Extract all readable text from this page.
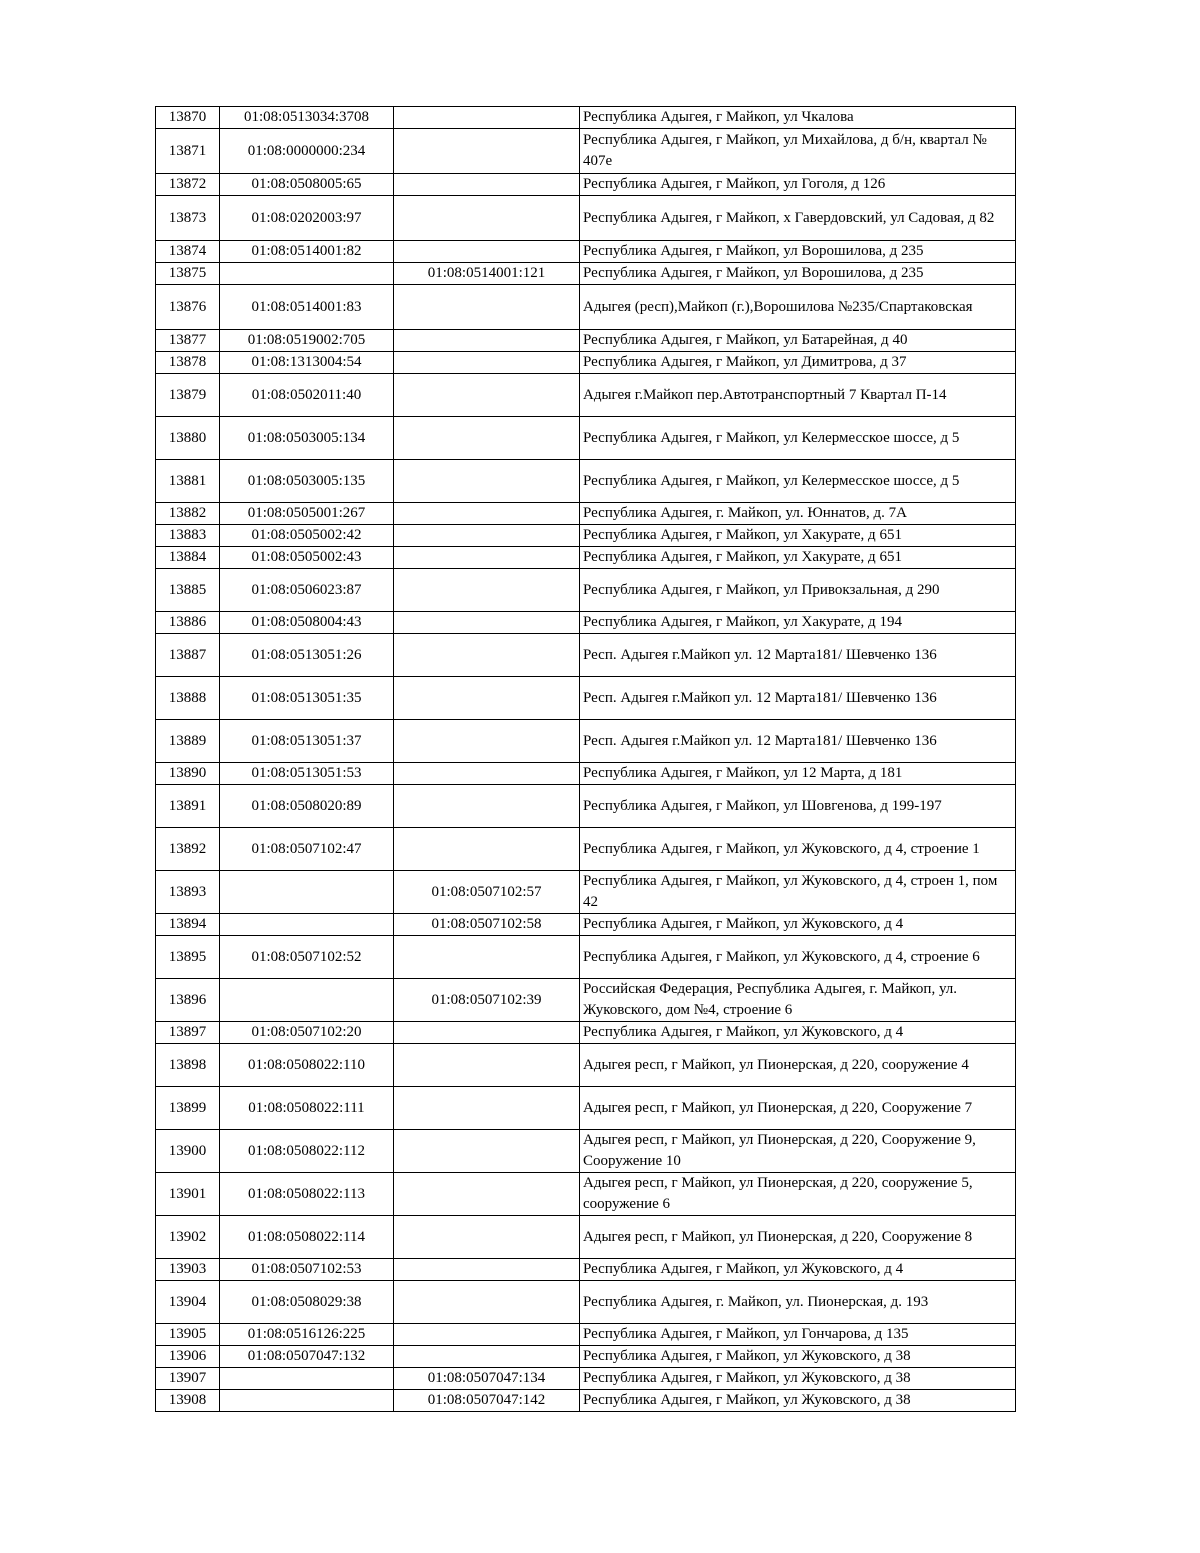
13870	01:08:0513034:3708		Республика Адыгея, г Майкоп, ул Чкалова
13871	01:08:0000000:234		Республика Адыгея, г Майкоп, ул Михайлова, д б/н, квартал № 407е
13872	01:08:0508005:65		Республика Адыгея, г Майкоп, ул Гоголя, д 126
13873	01:08:0202003:97		Республика Адыгея, г Майкоп, х Гавердовский, ул Садовая, д 82
13874	01:08:0514001:82		Республика Адыгея, г Майкоп, ул Ворошилова, д 235
13875		01:08:0514001:121	Республика Адыгея, г Майкоп, ул Ворошилова, д 235
13876	01:08:0514001:83		Адыгея (респ),Майкоп (г.),Ворошилова №235/Спартаковская
13877	01:08:0519002:705		Республика Адыгея, г Майкоп, ул Батарейная, д 40
13878	01:08:1313004:54		Республика Адыгея, г Майкоп, ул Димитрова, д 37
13879	01:08:0502011:40		Адыгея г.Майкоп пер.Автотранспортный 7 Квартал П-14
13880	01:08:0503005:134		Республика Адыгея, г Майкоп, ул Келермесское шоссе, д 5
13881	01:08:0503005:135		Республика Адыгея, г Майкоп, ул Келермесское шоссе, д 5
13882	01:08:0505001:267		Республика Адыгея, г. Майкоп, ул. Юннатов, д. 7А
13883	01:08:0505002:42		Республика Адыгея, г Майкоп, ул Хакурате, д 651
13884	01:08:0505002:43		Республика Адыгея, г Майкоп, ул Хакурате, д 651
13885	01:08:0506023:87		Республика Адыгея, г Майкоп, ул Привокзальная, д 290
13886	01:08:0508004:43		Республика Адыгея, г Майкоп, ул Хакурате, д 194
13887	01:08:0513051:26		Респ. Адыгея г.Майкоп ул. 12 Марта181/ Шевченко 136
13888	01:08:0513051:35		Респ. Адыгея г.Майкоп ул. 12 Марта181/ Шевченко 136
13889	01:08:0513051:37		Респ. Адыгея г.Майкоп ул. 12 Марта181/ Шевченко 136
13890	01:08:0513051:53		Республика Адыгея, г Майкоп, ул 12 Марта, д 181
13891	01:08:0508020:89		Республика Адыгея, г Майкоп, ул Шовгенова, д 199-197
13892	01:08:0507102:47		Республика Адыгея, г Майкоп, ул Жуковского, д 4, строение 1
13893		01:08:0507102:57	Республика Адыгея, г Майкоп, ул Жуковского, д 4, строен 1, пом 42
13894		01:08:0507102:58	Республика Адыгея, г Майкоп, ул Жуковского, д 4
13895	01:08:0507102:52		Республика Адыгея, г Майкоп, ул Жуковского, д 4, строение 6
13896		01:08:0507102:39	Российская Федерация, Республика Адыгея, г. Майкоп, ул. Жуковского, дом №4, строение 6
13897	01:08:0507102:20		Республика Адыгея, г Майкоп, ул Жуковского, д 4
13898	01:08:0508022:110		Адыгея респ, г Майкоп, ул Пионерская, д 220, сооружение 4
13899	01:08:0508022:111		Адыгея респ, г Майкоп, ул Пионерская, д 220, Сооружение 7
13900	01:08:0508022:112		Адыгея респ, г Майкоп, ул Пионерская, д 220, Сооружение 9, Сооружение 10
13901	01:08:0508022:113		Адыгея респ, г Майкоп, ул Пионерская, д 220, сооружение 5, сооружение 6
13902	01:08:0508022:114		Адыгея респ, г Майкоп, ул Пионерская, д 220, Сооружение 8
13903	01:08:0507102:53		Республика Адыгея, г Майкоп, ул Жуковского, д 4
13904	01:08:0508029:38		Республика Адыгея, г. Майкоп, ул. Пионерская, д. 193
13905	01:08:0516126:225		Республика Адыгея, г Майкоп, ул Гончарова, д 135
13906	01:08:0507047:132		Республика Адыгея, г Майкоп, ул Жуковского, д 38
13907		01:08:0507047:134	Республика Адыгея, г Майкоп, ул Жуковского, д 38
13908		01:08:0507047:142	Республика Адыгея, г Майкоп, ул Жуковского, д 38
